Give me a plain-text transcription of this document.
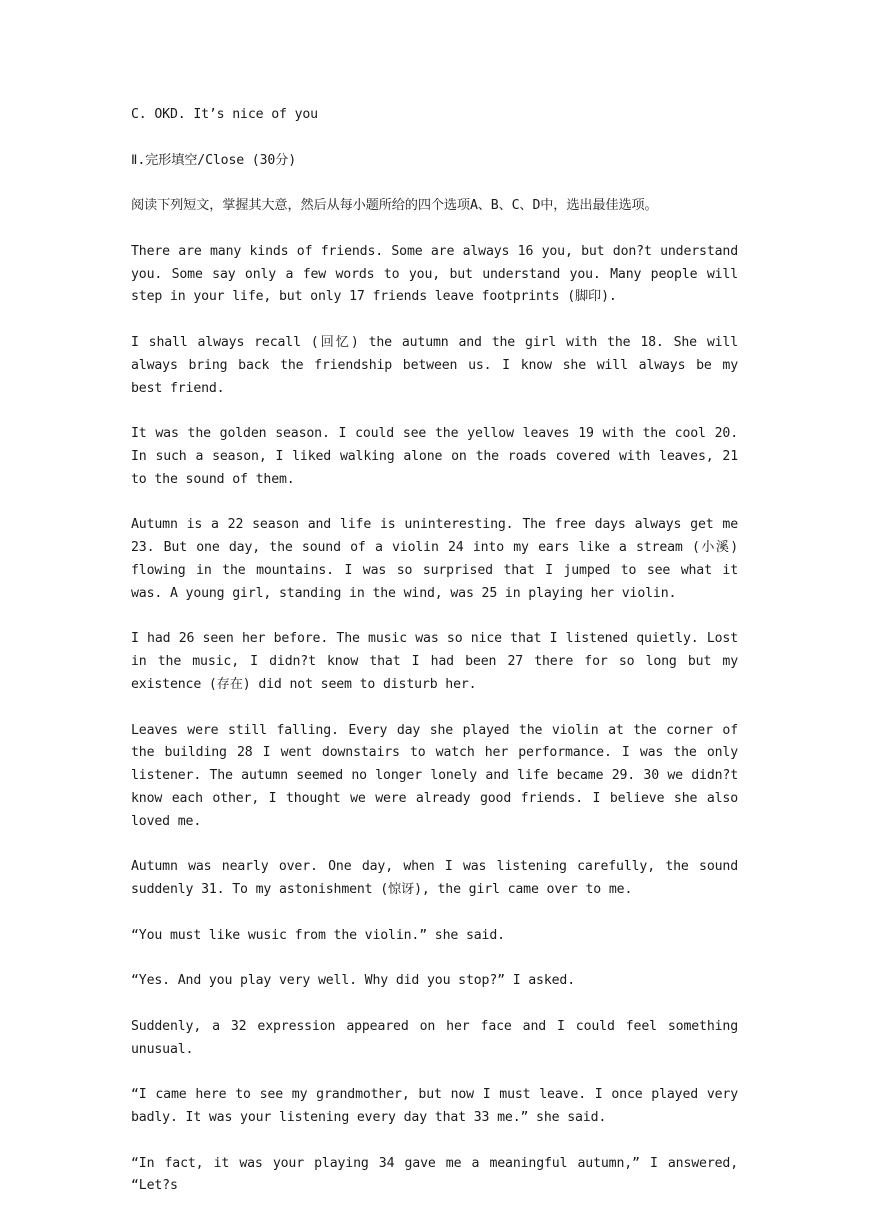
C. OKD. It’s nice of you

Ⅱ.完形填空/Close (30分)

阅读下列短文，掌握其大意，然后从每小题所给的四个选项A、B、C、D中，选出最佳选项。

There are many kinds of friends. Some are always 16 you, but don?t understand you. Some say only a few words to you, but understand you. Many people will step in your life, but only 17 friends leave footprints (脚印).

I shall always recall (回忆) the autumn and the girl with the 18. She will always bring back the friendship between us. I know she will always be my best friend.

It was the golden season. I could see the yellow leaves 19 with the cool 20. In such a season, I liked walking alone on the roads covered with leaves, 21 to the sound of them.

Autumn is a 22 season and life is uninteresting. The free days always get me 23. But one day, the sound of a violin 24 into my ears like a stream (小溪) flowing in the mountains. I was so surprised that I jumped to see what it was. A young girl, standing in the wind, was 25 in playing her violin.

I had 26 seen her before. The music was so nice that I listened quietly. Lost in the music, I didn?t know that I had been 27 there for so long but my existence (存在) did not seem to disturb her.

Leaves were still falling. Every day she played the violin at the corner of the building 28 I went downstairs to watch her performance. I was the only listener. The autumn seemed no longer lonely and life became 29. 30 we didn?t know each other, I thought we were already good friends. I believe she also loved me.

Autumn was nearly over. One day, when I was listening carefully, the sound suddenly 31. To my astonishment (惊讶), the girl came over to me.

“You must like wusic from the violin.” she said.

“Yes. And you play very well. Why did you stop?” I asked.

Suddenly, a 32 expression appeared on her face and I could feel something unusual.

“I came here to see my grandmother, but now I must leave. I once played very badly. It was your listening every day that 33 me.” she said.

“In fact, it was your playing 34 gave me a meaningful autumn,” I answered, “Let?s
